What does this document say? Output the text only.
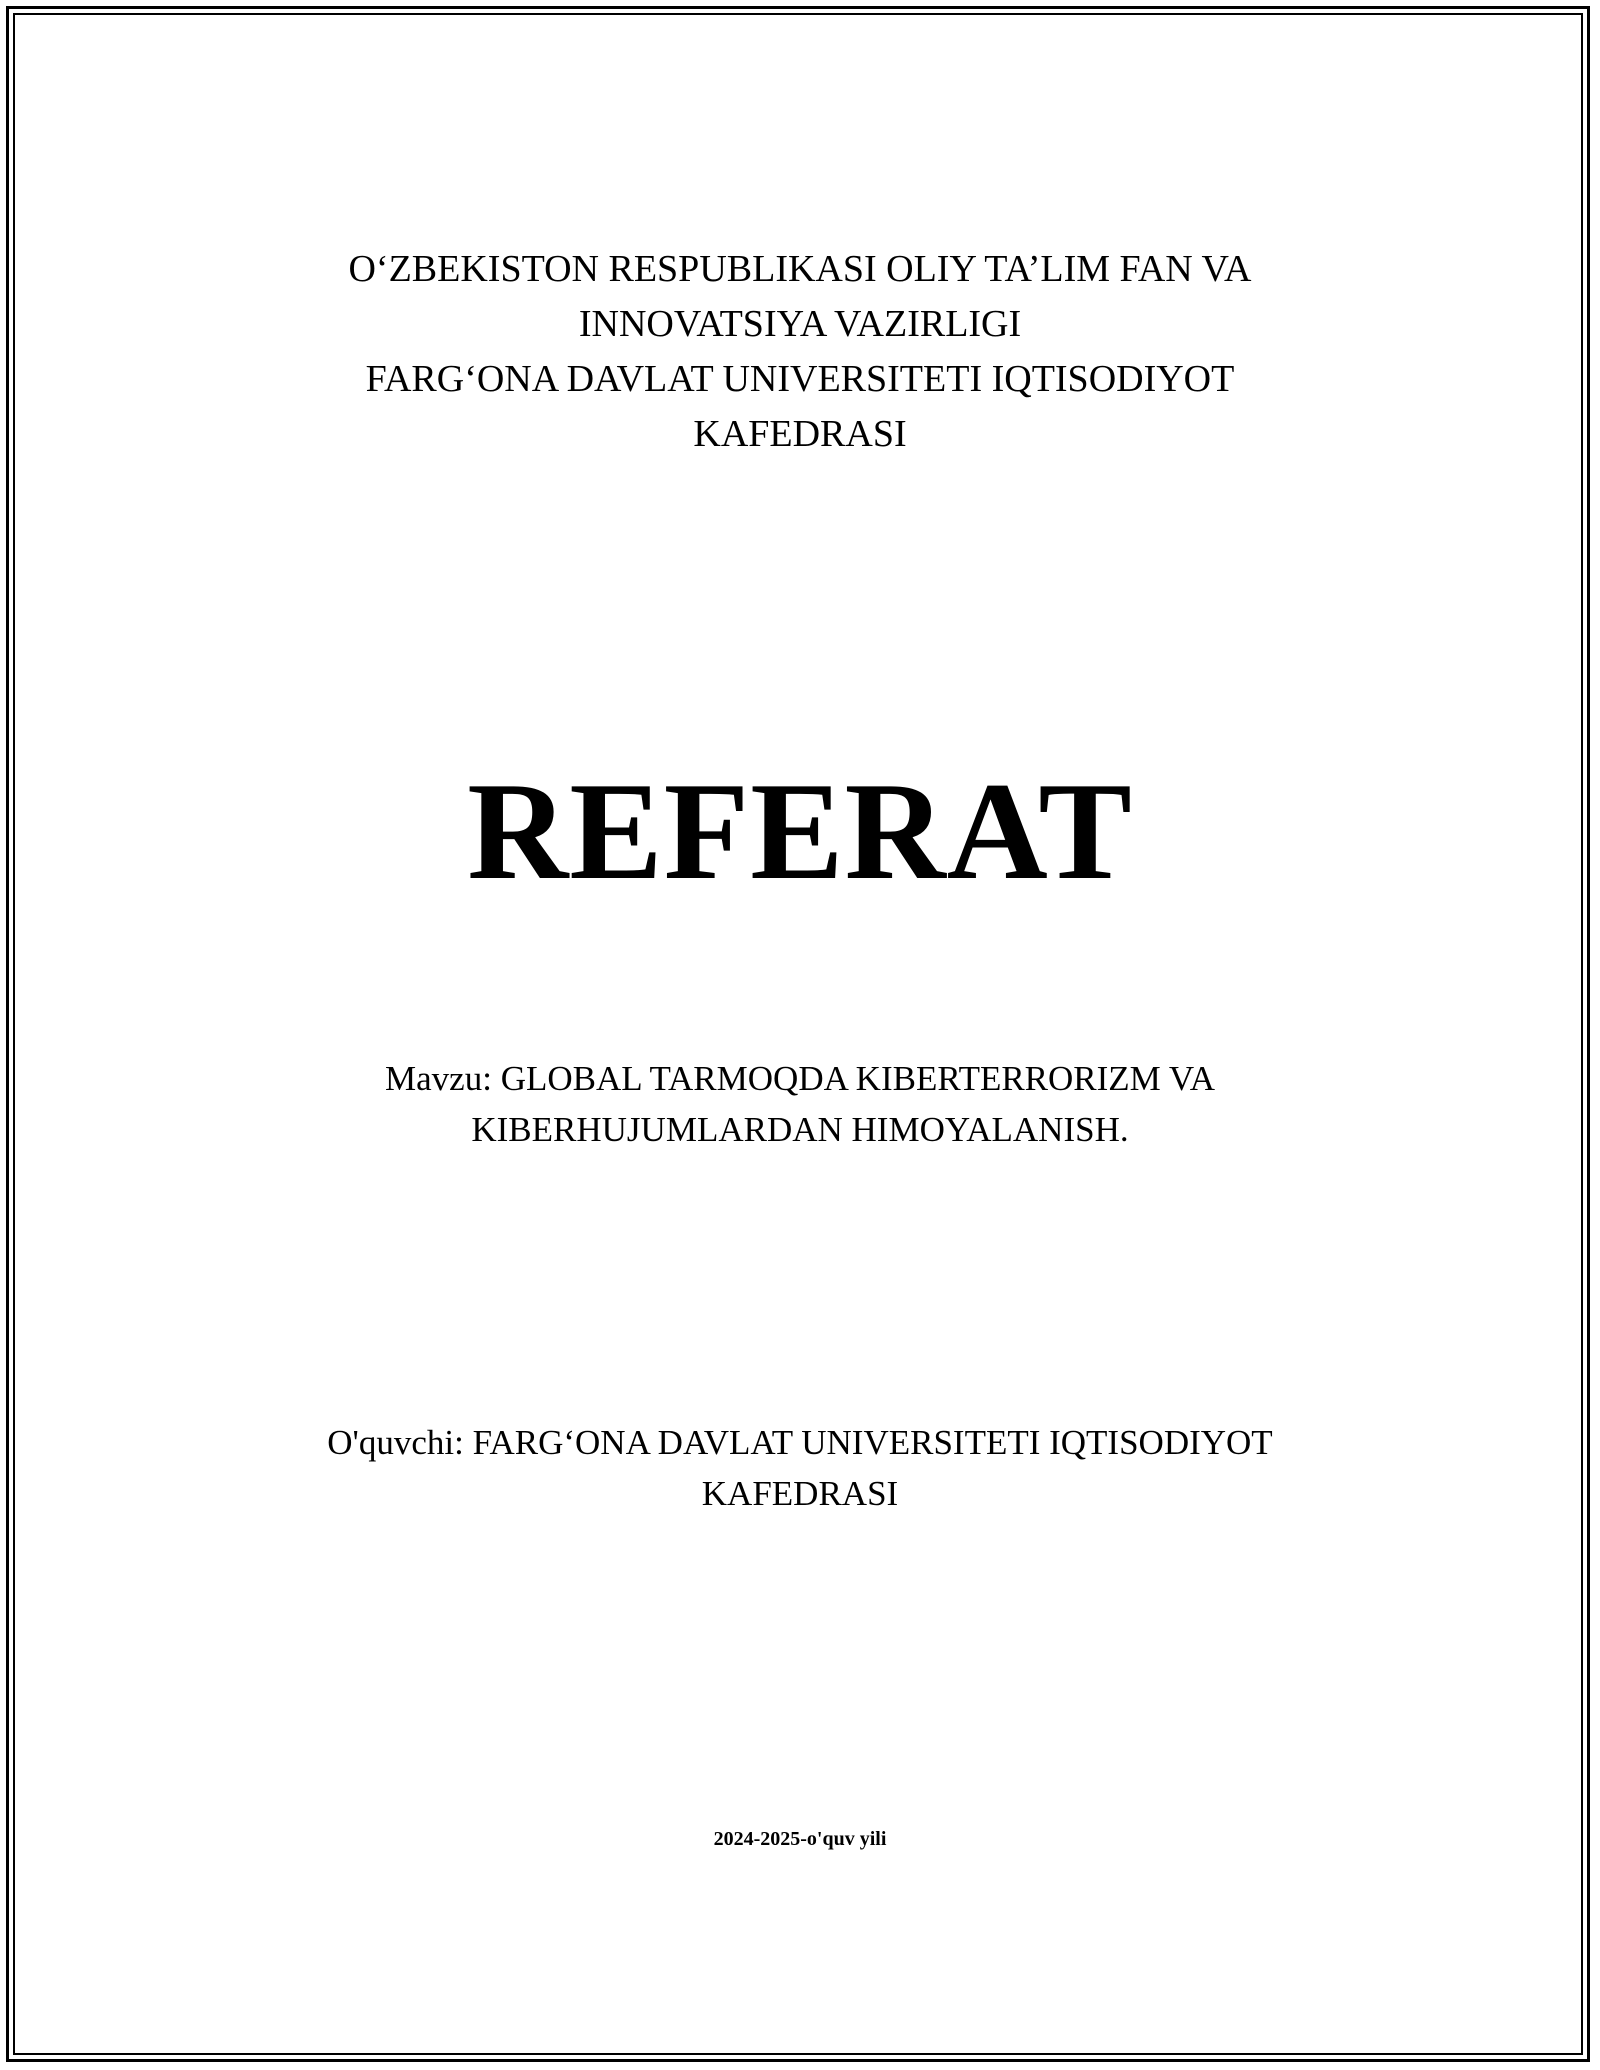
O‘ZBEKISTON RESPUBLIKASI OLIY TA’LIM FAN VA
INNOVATSIYA VAZIRLIGI
FARG‘ONA DAVLAT UNIVERSITETI IQTISODIYOT
KAFEDRASI
REFERAT
Mavzu: GLOBAL TARMOQDA KIBERTERRORIZM VA
KIBERHUJUMLARDAN HIMOYALANISH.
O'quvchi: FARG‘ONA DAVLAT UNIVERSITETI IQTISODIYOT
KAFEDRASI
2024-2025-o'quv yili
